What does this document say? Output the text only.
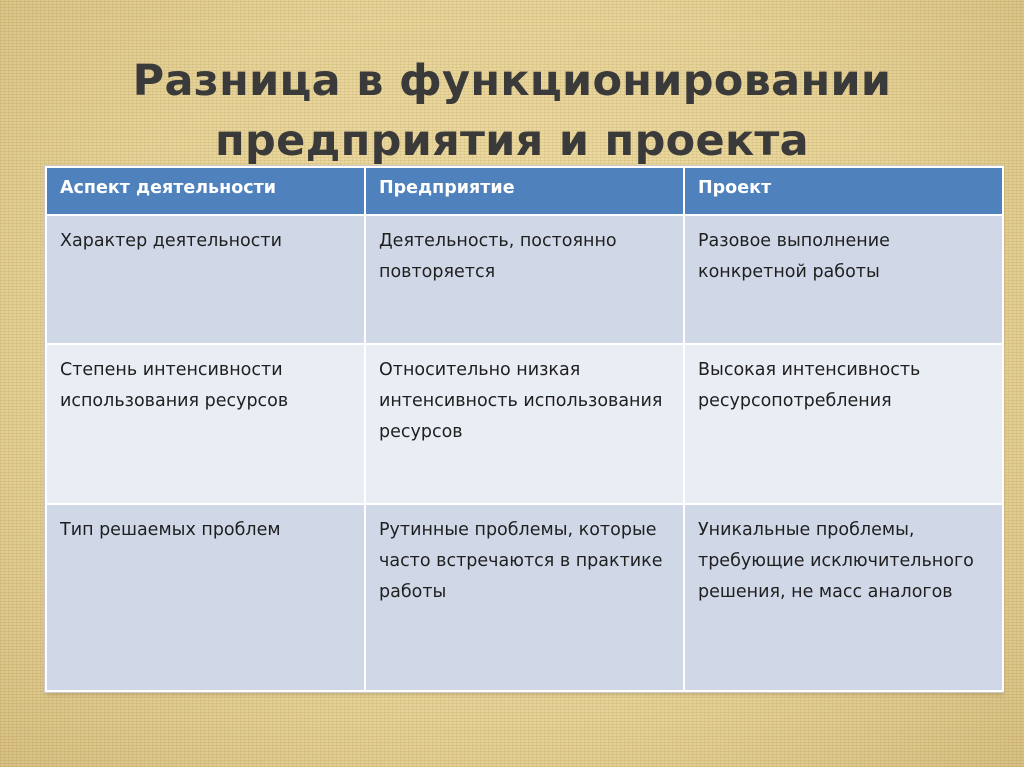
Разница в функционировании
предприятия и проекта
Аспект деятельности	Предприятие	Проект
Характер деятельности	Деятельность, постоянно повторяется	Разовое выполнение конкретной работы
Степень интенсивности использования ресурсов	Относительно низкая интенсивность использования ресурсов	Высокая интенсивность ресурсопотребления
Тип решаемых проблем	Рутинные проблемы, которые часто встречаются в практике работы	Уникальные проблемы, требующие исключительного решения, не масс аналогов
